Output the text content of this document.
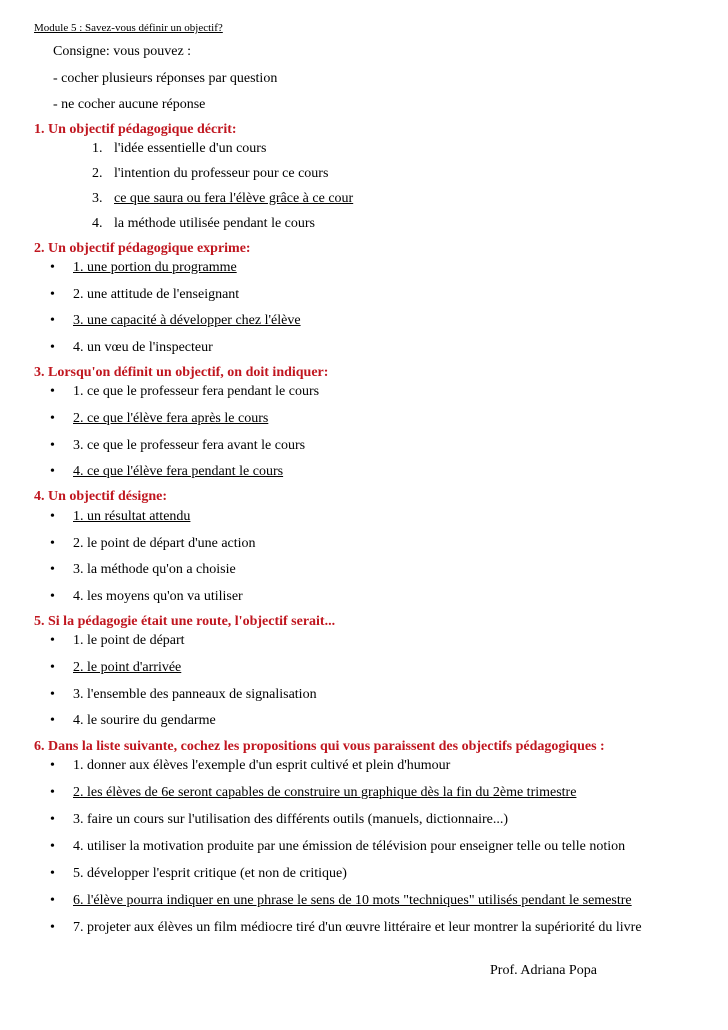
Module 5 : Savez-vous définir un objectif?
Consigne: vous pouvez :
- cocher plusieurs réponses par question
- ne cocher aucune réponse
1. Un objectif pédagogique décrit:
1. l'idée essentielle d'un cours
2. l'intention du professeur pour ce cours
3. ce que saura ou fera l'élève grâce à ce cour
4. la méthode utilisée pendant le cours
2. Un objectif pédagogique exprime:
• 1. une portion du programme
• 2. une attitude de l'enseignant
• 3. une capacité à développer chez l'élève
• 4. un vœu de l'inspecteur
3. Lorsqu'on définit un objectif, on doit indiquer:
• 1. ce que le professeur fera pendant le cours
• 2. ce que l'élève fera après le cours
• 3. ce que le professeur fera avant le cours
• 4. ce que l'élève fera pendant le cours
4. Un objectif désigne:
• 1. un résultat attendu
• 2. le point de départ d'une action
• 3. la méthode qu'on a choisie
• 4. les moyens qu'on va utiliser
5. Si la pédagogie était une route, l'objectif serait...
• 1. le point de départ
• 2. le point d'arrivée
• 3. l'ensemble des panneaux de signalisation
• 4. le sourire du gendarme
6. Dans la liste suivante, cochez les propositions qui vous paraissent des objectifs pédagogiques :
• 1. donner aux élèves l'exemple d'un esprit cultivé et plein d'humour
• 2. les élèves de 6e seront capables de construire un graphique dès la fin du 2ème trimestre
• 3. faire un cours sur l'utilisation des différents outils (manuels, dictionnaire...)
• 4. utiliser la motivation produite par une émission de télévision pour enseigner telle ou telle notion
• 5. développer l'esprit critique (et non de critique)
• 6. l'élève pourra indiquer en une phrase le sens de 10 mots "techniques" utilisés pendant le semestre
• 7. projeter aux élèves un film médiocre tiré d'un œuvre littéraire et leur montrer la supériorité du livre
Prof. Adriana Popa
